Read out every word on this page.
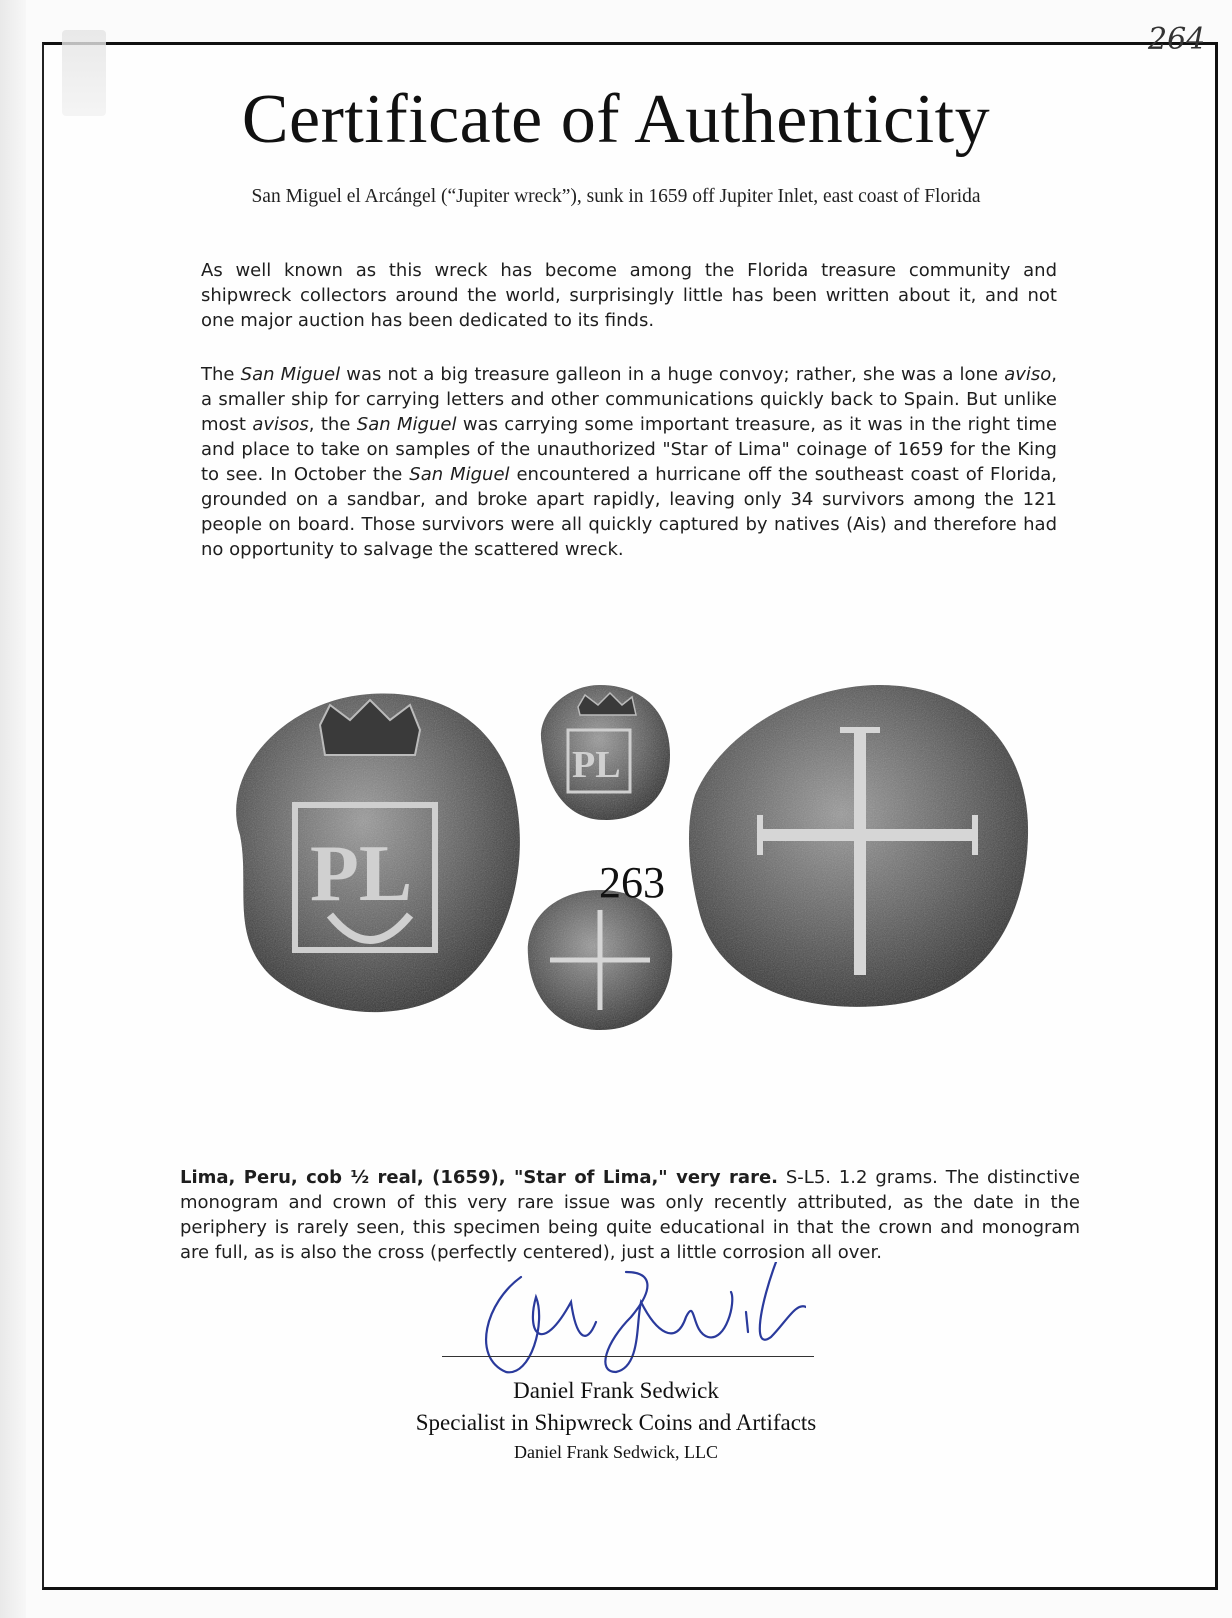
264
Certificate of Authenticity
San Miguel el Arcángel (“Jupiter wreck”), sunk in 1659 off Jupiter Inlet, east coast of Florida

As well known as this wreck has become among the Florida treasure community and shipwreck collectors around the world, surprisingly little has been written about it, and not one major auction has been dedicated to its finds.

The San Miguel was not a big treasure galleon in a huge convoy; rather, she was a lone aviso, a smaller ship for carrying letters and other communications quickly back to Spain. But unlike most avisos, the San Miguel was carrying some important treasure, as it was in the right time and place to take on samples of the unauthorized "Star of Lima" coinage of 1659 for the King to see. In October the San Miguel encountered a hurricane off the southeast coast of Florida, grounded on a sandbar, and broke apart rapidly, leaving only 34 survivors among the 121 people on board. Those survivors were all quickly captured by natives (Ais) and therefore had no opportunity to salvage the scattered wreck.

PL
PL
263

Lima, Peru, cob ½ real, (1659), "Star of Lima," very rare. S-L5. 1.2 grams. The distinctive monogram and crown of this very rare issue was only recently attributed, as the date in the periphery is rarely seen, this specimen being quite educational in that the crown and monogram are full, as is also the cross (perfectly centered), just a little corrosion all over.

Daniel Frank Sedwick
Specialist in Shipwreck Coins and Artifacts
Daniel Frank Sedwick, LLC
